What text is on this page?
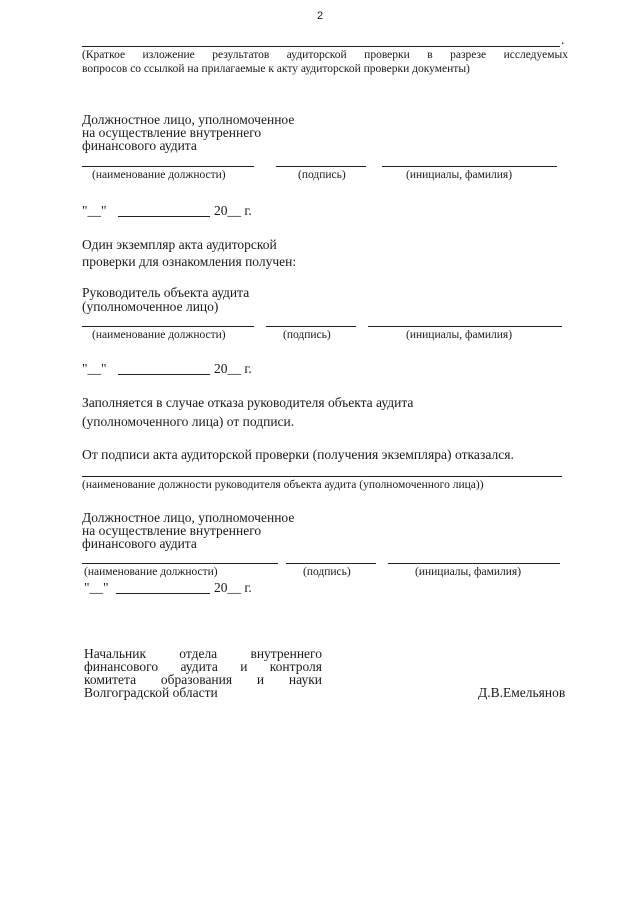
2
.
(Краткое изложение результатов аудиторской проверки в разрезе исследуемых
вопросов со ссылкой на прилагаемые к акту аудиторской проверки документы)
Должностное лицо, уполномоченное
на осуществление внутреннего
финансового аудита
(наименование должности)	(подпись)	(инициалы, фамилия)
"__"	20__ г.
Один экземпляр акта аудиторской
проверки для ознакомления получен:
Руководитель объекта аудита
(уполномоченное лицо)
(наименование должности)	(подпись)	(инициалы, фамилия)
"__"	20__ г.
Заполняется в случае отказа руководителя объекта аудита
(уполномоченного лица) от подписи.
От подписи акта аудиторской проверки (получения экземпляра) отказался.
(наименование должности руководителя объекта аудита (уполномоченного лица))
Должностное лицо, уполномоченное
на осуществление внутреннего
финансового аудита
(наименование должности)	(подпись)	(инициалы, фамилия)
"__"	20__ г.
Начальник отдела внутреннего
финансового аудита и контроля
комитета образования и науки
Волгоградской области	Д.В.Емельянов
